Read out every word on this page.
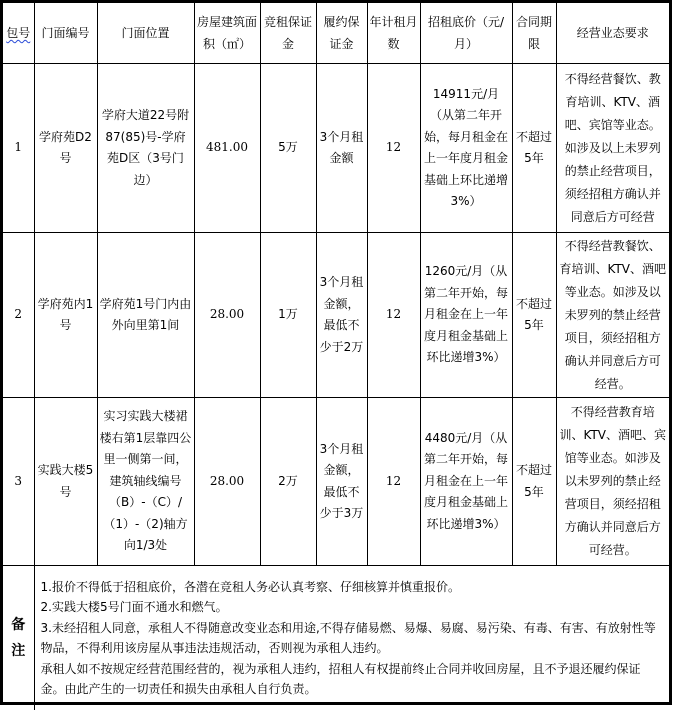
包号	门面编号	门面位置	房屋建筑面积（㎡）	竞租保证金	履约保证金	年计租月数	招租底价（元/月）	合同期限	经营业态要求
1	学府苑D2号	学府大道22号附87(85)号-学府苑D区（3号门边）	481.00	5万	3个月租金额	12	14911元/月（从第二年开始，每月租金在上一年度月租金基础上环比递增3%）	不超过5年	不得经营餐饮、教育培训、KTV、酒吧、宾馆等业态。如涉及以上未罗列的禁止经营项目，须经招租方确认并同意后方可经营
2	学府苑内1号	学府苑1号门内由外向里第1间	28.00	1万	3个月租金额，最低不少于2万	12	1260元/月（从第二年开始，每月租金在上一年度月租金基础上环比递增3%）	不超过5年	不得经营教餐饮、育培训、KTV、酒吧等业态。如涉及以未罗列的禁止经营项目，须经招租方确认并同意后方可经营。
3	实践大楼5号	实习实践大楼裙楼右第1层靠四公里一侧第一间，建筑轴线编号（B）-（C）/（1）-（2)轴方向1/3处	28.00	2万	3个月租金额，最低不少于3万	12	4480元/月（从第二年开始，每月租金在上一年度月租金基础上环比递增3%）	不超过5年	不得经营教育培训、KTV、酒吧、宾馆等业态。如涉及以未罗列的禁止经营项目，须经招租方确认并同意后方可经营。
备注	1.报价不得低于招租底价，各潜在竞租人务必认真考察、仔细核算并慎重报价。

2.实践大楼5号门面不通水和燃气。

3.未经招租人同意，承租人不得随意改变业态和用途,不得存储易燃、易爆、易腐、易污染、有毒、有害、有放射性等物品，不得利用该房屋从事违法违规活动，否则视为承租人违约。

承租人如不按规定经营范围经营的，视为承租人违约，招租人有权提前终止合同并收回房屋，且不予退还履约保证金。由此产生的一切责任和损失由承租人自行负责。								
